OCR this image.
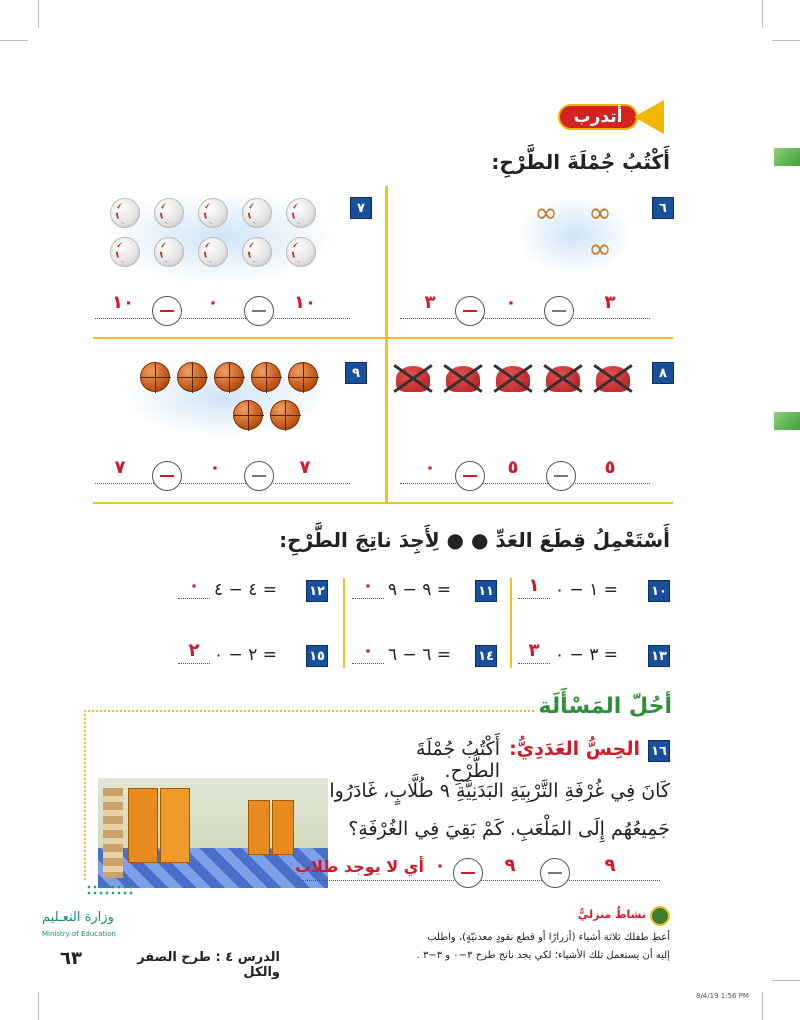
أتدرب
أَكْتُبُ جُمْلَةَ الطَّرْحِ:
٦
∞ ∞
∞
٣
٠
٣
٧
١٠
٠
١٠
٨
٥
٥
٠
٩
٧
٠
٧
أَسْتَعْمِلُ قِطَعَ العَدِّ ● ● لِأَجِدَ ناتِجَ الطَّرْحِ:
١٠
١ − ٠ =
١
١١
٩ − ٩ =
٠
١٢
٤ − ٤ =
٠
١٣
٣ − ٠ =
٣
١٤
٦ − ٦ =
٠
١٥
٢ − ٠ =
٢
أحُلّ المَسْأَلَة
١٦
الحِسُّ العَدَدِيُّ:
أَكْتُبُ جُمْلَةَ الطَّرْحِ.
كَانَ فِي غُرْفَةِ التَّرْبِيَةِ البَدَنِيَّةِ ٩ طُلَّابٍ، غَادَرُوا
جَمِيعُهُم إِلَى المَلْعَبِ. كَمْ بَقِيَ فِي الغُرْفَةِ؟
٩
٩
٠
أي لا يوجد طلاب
وزارة التعـليم
Ministry of Education
نشاطٌ منزليٌّ
أعطِ طفلك ثلاثة أشياء (أزرارًا أو قطع نقودٍ معدنيّةٍ)، واطلب
إليه أن يستعمل تلك الأشياء؛ لكي يجد ناتج طرح ٣−٠ و ٣−٣ .
٦٣	الدرس ٤ : طرح الصفر والكل
8/4/19 1:56 PM
